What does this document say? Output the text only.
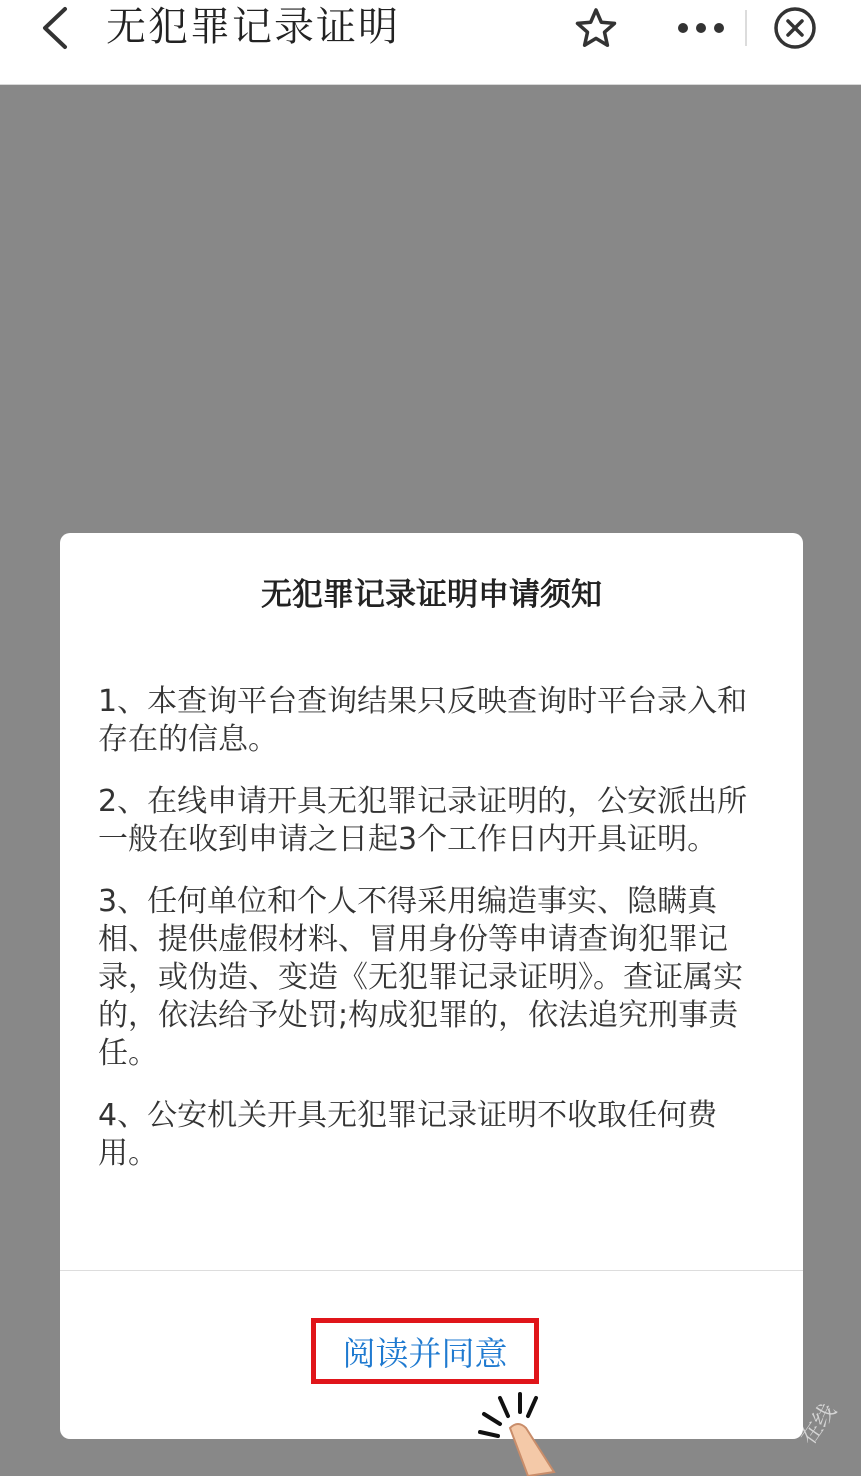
无犯罪记录证明
无犯罪记录证明申请须知

1、本查询平台查询结果只反映查询时平台录入和存在的信息。

2、在线申请开具无犯罪记录证明的，公安派出所一般在收到申请之日起3个工作日内开具证明。

3、任何单位和个人不得采用编造事实、隐瞒真相、提供虚假材料、冒用身份等申请查询犯罪记录，或伪造、变造《无犯罪记录证明》。查证属实的，依法给予处罚;构成犯罪的，依法追究刑事责任。

4、公安机关开具无犯罪记录证明不收取任何费用。

阅读并同意
在线
